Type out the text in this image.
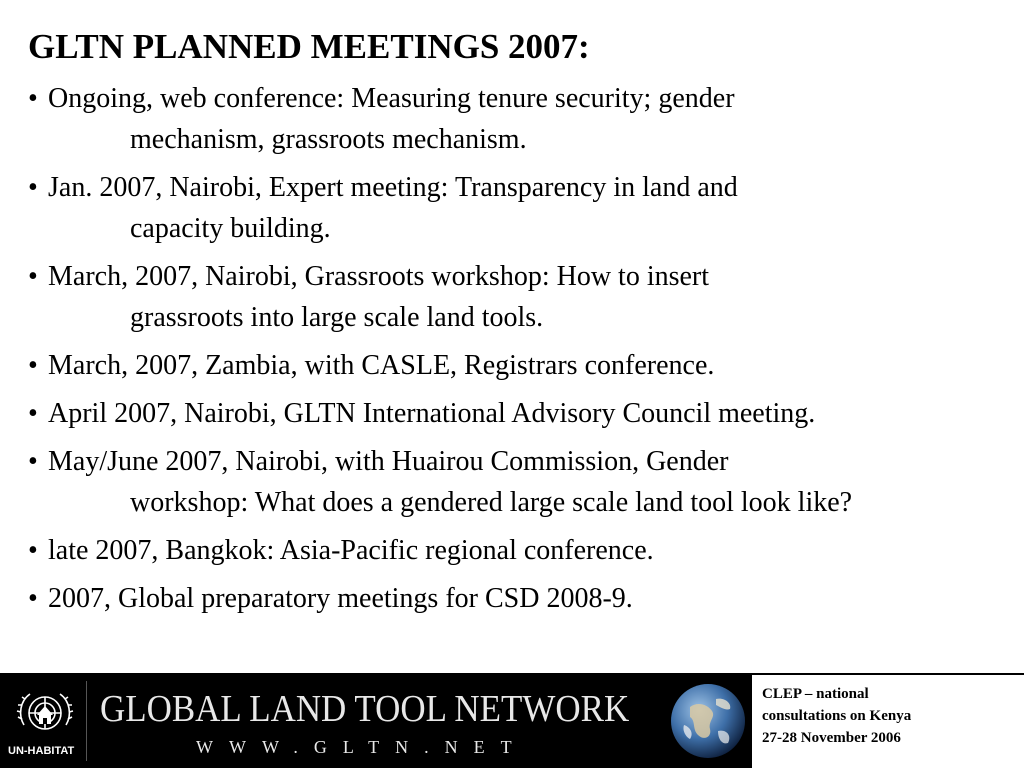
GLTN PLANNED MEETINGS 2007:
• Ongoing, web conference: Measuring tenure security; gender
mechanism, grassroots mechanism.
• Jan. 2007, Nairobi, Expert meeting: Transparency in land and
capacity building.
• March, 2007, Nairobi, Grassroots workshop: How to insert
grassroots into large scale land tools.
• March, 2007, Zambia, with CASLE, Registrars conference.
• April 2007, Nairobi, GLTN International Advisory Council meeting.
• May/June 2007, Nairobi, with Huairou Commission, Gender
workshop: What does a gendered large scale land tool look like?
• late 2007, Bangkok: Asia-Pacific regional conference.
• 2007, Global preparatory meetings for CSD 2008-9.
UN-HABITAT
GLOBAL LAND TOOL NETWORK
WWW.GLTN.NET
CLEP – national
consultations on Kenya
27-28 November 2006
